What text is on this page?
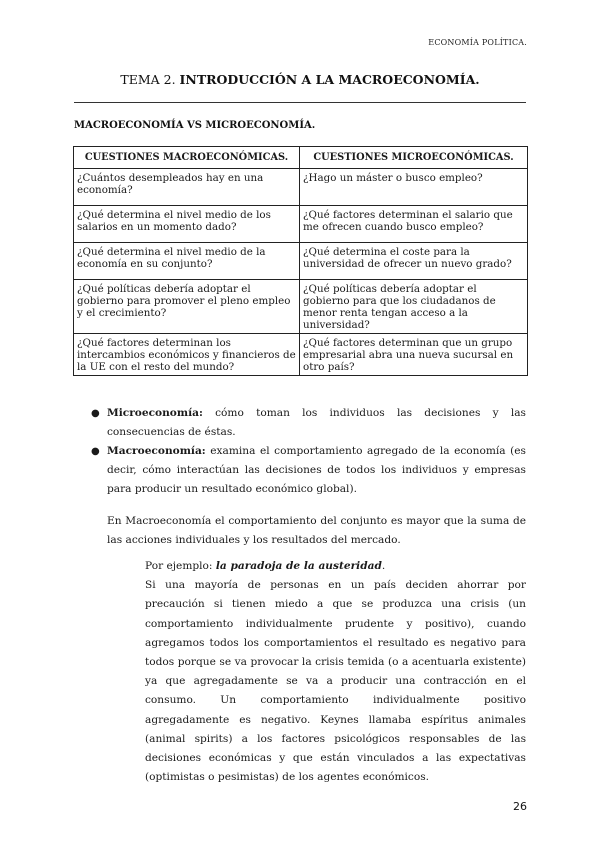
ECONOMÍA POLÍTICA.
TEMA 2. INTRODUCCIÓN A LA MACROECONOMÍA.
MACROECONOMÍA VS MICROECONOMÍA.
CUESTIONES MACROECONÓMICAS.	CUESTIONES MICROECONÓMICAS.
¿Cuántos desempleados hay en una economía?	¿Hago un máster o busco empleo?
¿Qué determina el nivel medio de los salarios en un momento dado?	¿Qué factores determinan el salario que me ofrecen cuando busco empleo?
¿Qué determina el nivel medio de la economía en su conjunto?	¿Qué determina el coste para la universidad de ofrecer un nuevo grado?
¿Qué políticas debería adoptar el gobierno para promover el pleno empleo y el crecimiento?	¿Qué políticas debería adoptar el gobierno para que los ciudadanos de menor renta tengan acceso a la universidad?
¿Qué factores determinan los intercambios económicos y financieros de la UE con el resto del mundo?	¿Qué factores determinan que un grupo empresarial abra una nueva sucursal en otro país?
● Microeconomía: cómo toman los individuos las decisiones y las consecuencias de éstas.
● Macroeconomía: examina el comportamiento agregado de la economía (es decir, cómo interactúan las decisiones de todos los individuos y empresas para producir un resultado económico global).
En Macroeconomía el comportamiento del conjunto es mayor que la suma de las acciones individuales y los resultados del mercado.
Por ejemplo: la paradoja de la austeridad.
Si una mayoría de personas en un país deciden ahorrar por precaución si tienen miedo a que se produzca una crisis (un comportamiento individualmente prudente y positivo), cuando agregamos todos los comportamientos el resultado es negativo para todos porque se va provocar la crisis temida (o a acentuarla existente) ya que agregadamente se va a producir una contracción en el consumo. Un comportamiento individualmente positivo agregadamente es negativo. Keynes llamaba espíritus animales (animal spirits) a los factores psicológicos responsables de las decisiones económicas y que están vinculados a las expectativas (optimistas o pesimistas) de los agentes económicos.
26
